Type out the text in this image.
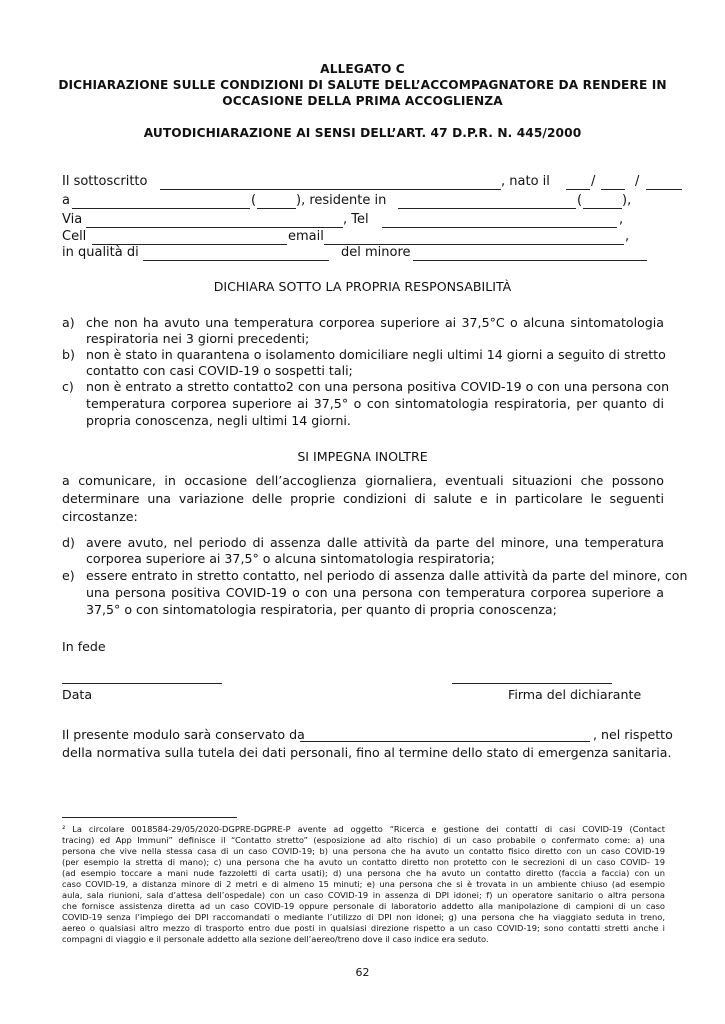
ALLEGATO C
DICHIARAZIONE SULLE CONDIZIONI DI SALUTE DELL’ACCOMPAGNATORE DA RENDERE IN
OCCASIONE DELLA PRIMA ACCOGLIENZA
AUTODICHIARAZIONE AI SENSI DELL’ART. 47 D.P.R. N. 445/2000
Il sottoscritto	, nato il	/	/
a	(	), residente in	(	),
Via	, Tel	,
Cell	email	,
in qualità di	del minore
DICHIARA SOTTO LA PROPRIA RESPONSABILITÀ
a) che non ha avuto una temperatura corporea superiore ai 37,5°C o alcuna sintomatologia
respiratoria nei 3 giorni precedenti;
b) non è stato in quarantena o isolamento domiciliare negli ultimi 14 giorni a seguito di stretto
contatto con casi COVID-19 o sospetti tali;
c) non è entrato a stretto contatto2 con una persona positiva COVID-19 o con una persona con
temperatura corporea superiore ai 37,5° o con sintomatologia respiratoria, per quanto di
propria conoscenza, negli ultimi 14 giorni.
SI IMPEGNA INOLTRE
a comunicare, in occasione dell’accoglienza giornaliera, eventuali situazioni che possono
determinare una variazione delle proprie condizioni di salute e in particolare le seguenti
circostanze:
d) avere avuto, nel periodo di assenza dalle attività da parte del minore, una temperatura
corporea superiore ai 37,5° o alcuna sintomatologia respiratoria;
e) essere entrato in stretto contatto, nel periodo di assenza dalle attività da parte del minore, con
una persona positiva COVID-19 o con una persona con temperatura corporea superiore a
37,5° o con sintomatologia respiratoria, per quanto di propria conoscenza;
In fede
Data	Firma del dichiarante
Il presente modulo sarà conservato da	, nel rispetto
della normativa sulla tutela dei dati personali, fino al termine dello stato di emergenza sanitaria.
² La circolare 0018584-29/05/2020-DGPRE-DGPRE-P avente ad oggetto “Ricerca e gestione dei contatti di casi COVID-19 (Contact
tracing) ed App Immuni” definisce il “Contatto stretto” (esposizione ad alto rischio) di un caso probabile o confermato come: a) una
persona che vive nella stessa casa di un caso COVID-19; b) una persona che ha avuto un contatto fisico diretto con un caso COVID-19
(per esempio la stretta di mano); c) una persona che ha avuto un contatto diretto non protetto con le secrezioni di un caso COVID- 19
(ad esempio toccare a mani nude fazzoletti di carta usati); d) una persona che ha avuto un contatto diretto (faccia a faccia) con un
caso COVID-19, a distanza minore di 2 metri e di almeno 15 minuti; e) una persona che si è trovata in un ambiente chiuso (ad esempio
aula, sala riunioni, sala d’attesa dell’ospedale) con un caso COVID-19 in assenza di DPI idonei; f) un operatore sanitario o altra persona
che fornisce assistenza diretta ad un caso COVID-19 oppure personale di laboratorio addetto alla manipolazione di campioni di un caso
COVID-19 senza l’impiego dei DPI raccomandati o mediante l’utilizzo di DPI non idonei; g) una persona che ha viaggiato seduta in treno,
aereo o qualsiasi altro mezzo di trasporto entro due posti in qualsiasi direzione rispetto a un caso COVID-19; sono contatti stretti anche i
compagni di viaggio e il personale addetto alla sezione dell’aereo/treno dove il caso indice era seduto.
62
